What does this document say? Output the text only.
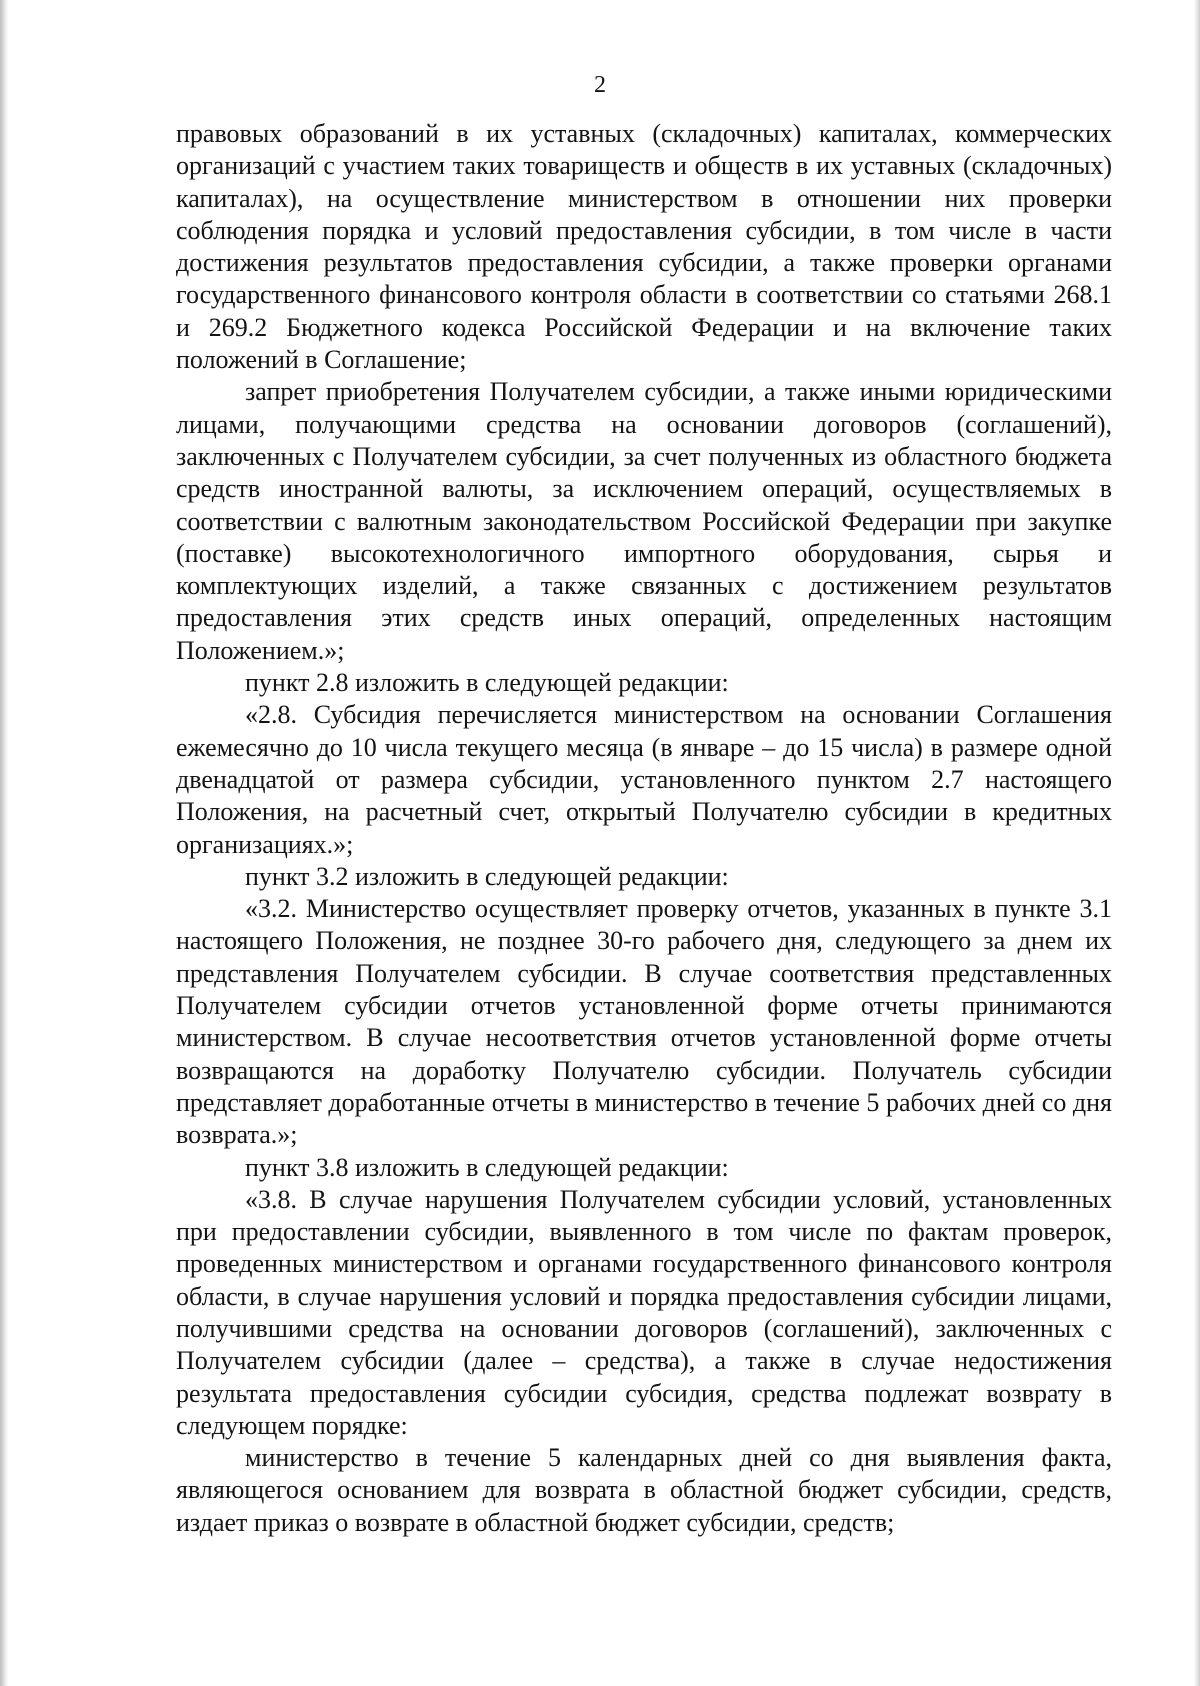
2

правовых образований в их уставных (складочных) капиталах, коммерческих организаций с участием таких товариществ и обществ в их уставных (складочных) капиталах), на осуществление министерством в отношении них проверки соблюдения порядка и условий предоставления субсидии, в том числе в части достижения результатов предоставления субсидии, а также проверки органами государственного финансового контроля области в соответствии со статьями 268.1 и 269.2 Бюджетного кодекса Российской Федерации и на включение таких положений в Соглашение;

запрет приобретения Получателем субсидии, а также иными юридическими лицами, получающими средства на основании договоров (соглашений), заключенных с Получателем субсидии, за счет полученных из областного бюджета средств иностранной валюты, за исключением операций, осуществляемых в соответствии с валютным законодательством Российской Федерации при закупке (поставке) высокотехнологичного импортного оборудования, сырья и комплектующих изделий, а также связанных с достижением результатов предоставления этих средств иных операций, определенных настоящим Положением.»;

пункт 2.8 изложить в следующей редакции:

«2.8. Субсидия перечисляется министерством на основании Соглашения ежемесячно до 10 числа текущего месяца (в январе – до 15 числа) в размере одной двенадцатой от размера субсидии, установленного пунктом 2.7 настоящего Положения, на расчетный счет, открытый Получателю субсидии в кредитных организациях.»;

пункт 3.2 изложить в следующей редакции:

«3.2. Министерство осуществляет проверку отчетов, указанных в пункте 3.1 настоящего Положения, не позднее 30-го рабочего дня, следующего за днем их представления Получателем субсидии. В случае соответствия представленных Получателем субсидии отчетов установленной форме отчеты принимаются министерством. В случае несоответствия отчетов установленной форме отчеты возвращаются на доработку Получателю субсидии. Получатель субсидии представляет доработанные отчеты в министерство в течение 5 рабочих дней со дня возврата.»;

пункт 3.8 изложить в следующей редакции:

«3.8. В случае нарушения Получателем субсидии условий, установленных при предоставлении субсидии, выявленного в том числе по фактам проверок, проведенных министерством и органами государственного финансового контроля области, в случае нарушения условий и порядка предоставления субсидии лицами, получившими средства на основании договоров (соглашений), заключенных с Получателем субсидии (далее – средства), а также в случае недостижения результата предоставления субсидии субсидия, средства подлежат возврату в следующем порядке:

министерство в течение 5 календарных дней со дня выявления факта, являющегося основанием для возврата в областной бюджет субсидии, средств, издает приказ о возврате в областной бюджет субсидии, средств;
